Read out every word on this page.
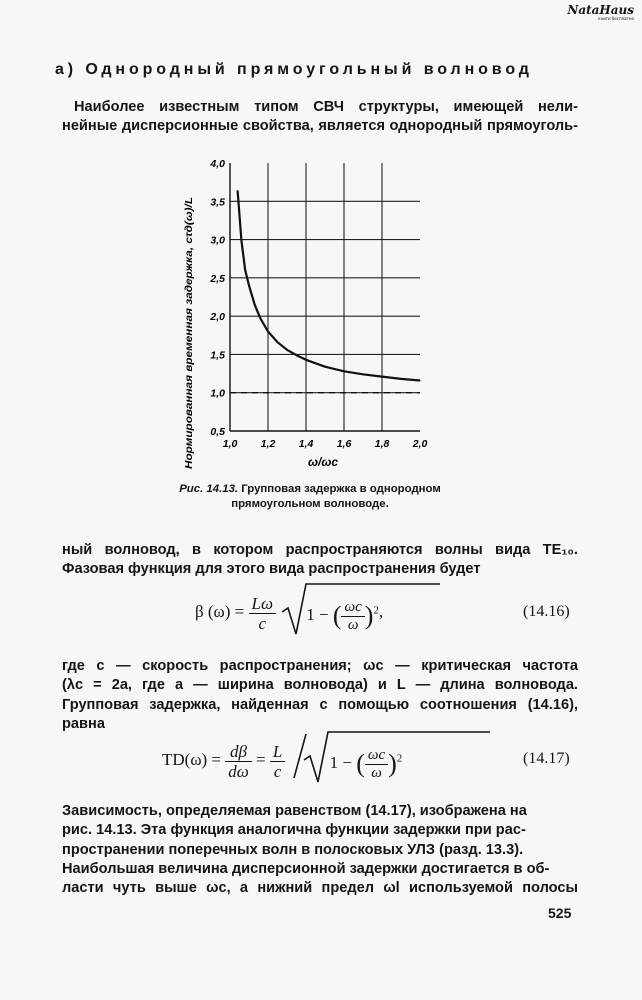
NataHaus
книги бесплатно
а) Однородный прямоугольный волновод
Наиболее известным типом СВЧ структуры, имеющей нели-
нейные дисперсионные свойства, является однородный прямоуголь-
1,0 1,2 1,4 1,6 1,8 2,0
0,5
1,0
1,5
2,0
2,5
3,0
3,5
4,0
Нормированная временная задержка, cτд(ω)/L	ω/ωc
Рис. 14.13. Групповая задержка в однородном
прямоугольном волноводе.
ный волновод, в котором распространяются волны вида TE₁₀.
Фазовая функция для этого вида распространения будет
β $(\omega) = \frac{L\omega}{c}$
1 − ( $\frac{\omega c}{\omega} )^2$,	(14.16)
где c — скорость распространения; ωc — критическая частота
(λc = 2a, где a — ширина волновода) и L — длина волновода.
Групповая задержка, найденная с помощью соотношения (14.16),
равна
$TD(\omega) = \frac{d\beta}{d\omega} = \frac{L}{c}$
	1 − ( $\frac{\omega c}{\omega} )^2$	(14.17)
Зависимость, определяемая равенством (14.17), изображена на
рис. 14.13. Эта функция аналогична функции задержки при рас-
пространении поперечных волн в полосковых УЛЗ (разд. 13.3).
Наибольшая величина дисперсионной задержки достигается в об-
ласти чуть выше ωc, а нижний предел ωl используемой полосы
525
